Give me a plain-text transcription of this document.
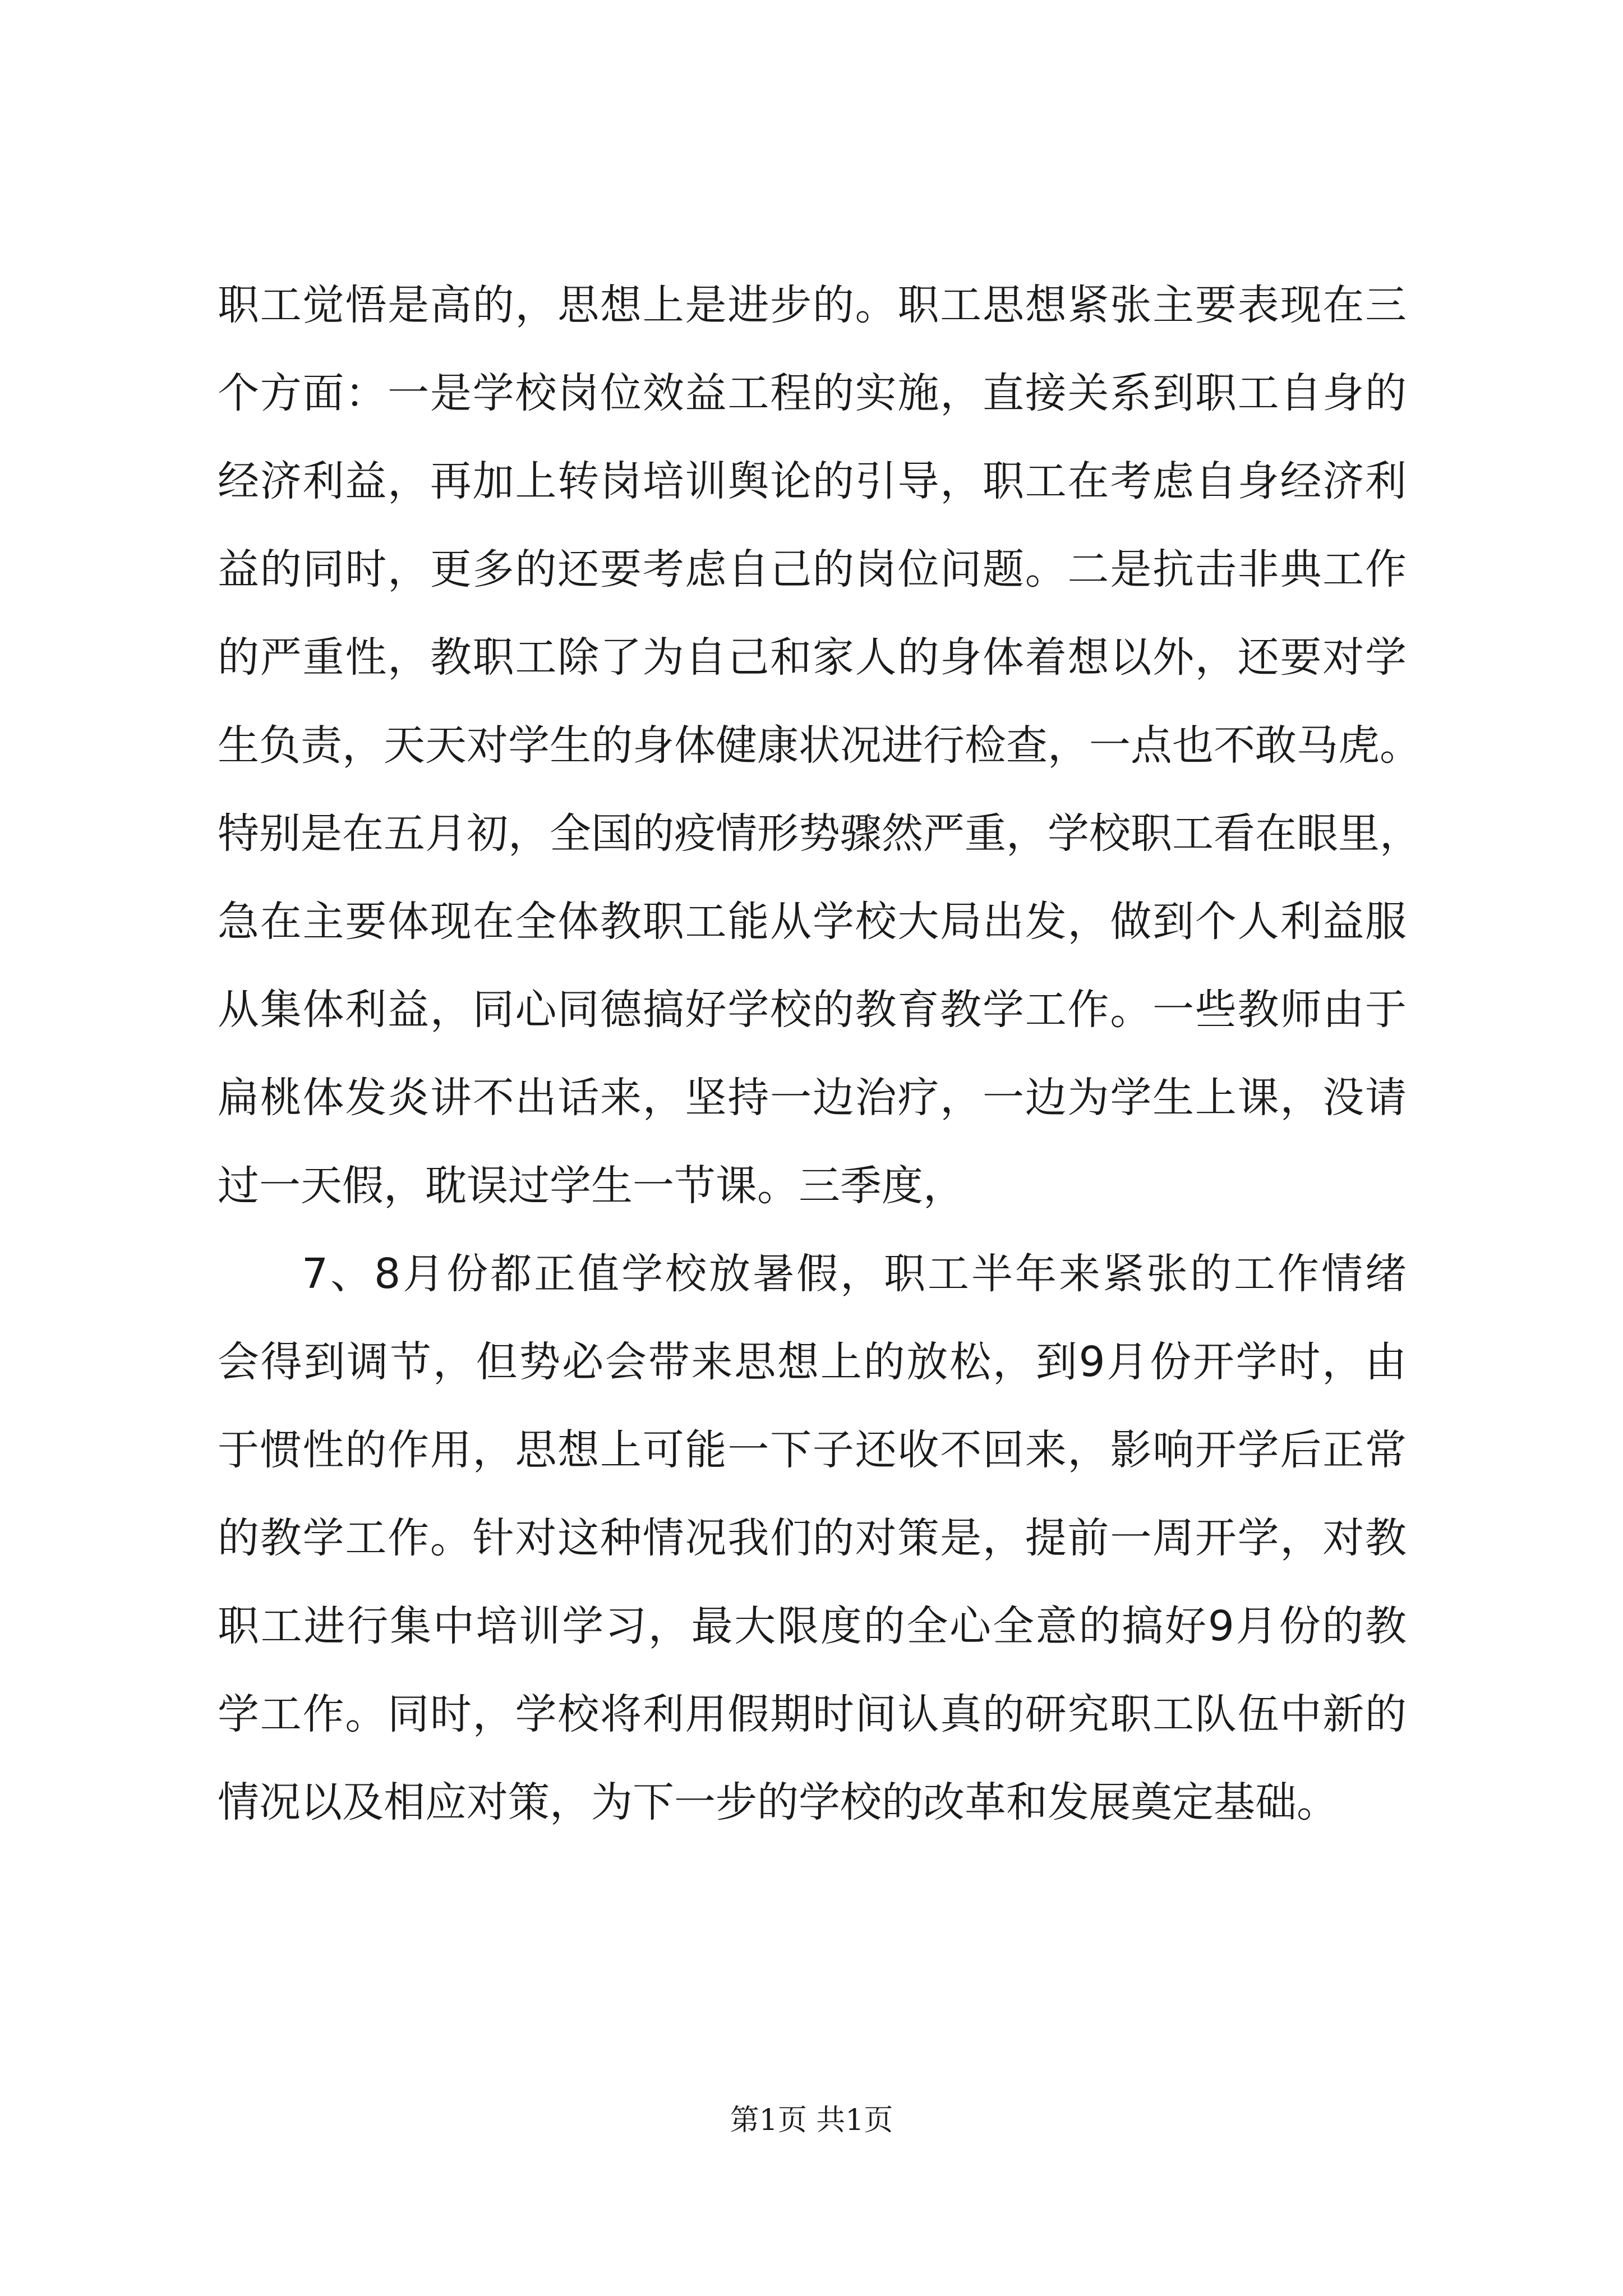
职工觉悟是高的，思想上是进步的。职工思想紧张主要表现在三
个方面：一是学校岗位效益工程的实施，直接关系到职工自身的
经济利益，再加上转岗培训舆论的引导，职工在考虑自身经济利
益的同时，更多的还要考虑自己的岗位问题。二是抗击非典工作
的严重性，教职工除了为自己和家人的身体着想以外，还要对学
生负责，天天对学生的身体健康状况进行检查，一点也不敢马虎。
特别是在五月初，全国的疫情形势骤然严重，学校职工看在眼里，
急在主要体现在全体教职工能从学校大局出发，做到个人利益服
从集体利益，同心同德搞好学校的教育教学工作。一些教师由于
扁桃体发炎讲不出话来，坚持一边治疗，一边为学生上课，没请
过一天假，耽误过学生一节课。三季度，
7、8月份都正值学校放暑假，职工半年来紧张的工作情绪
会得到调节，但势必会带来思想上的放松，到9月份开学时，由
于惯性的作用，思想上可能一下子还收不回来，影响开学后正常
的教学工作。针对这种情况我们的对策是，提前一周开学，对教
职工进行集中培训学习，最大限度的全心全意的搞好9月份的教
学工作。同时，学校将利用假期时间认真的研究职工队伍中新的
情况以及相应对策，为下一步的学校的改革和发展奠定基础。
第1页 共1页
